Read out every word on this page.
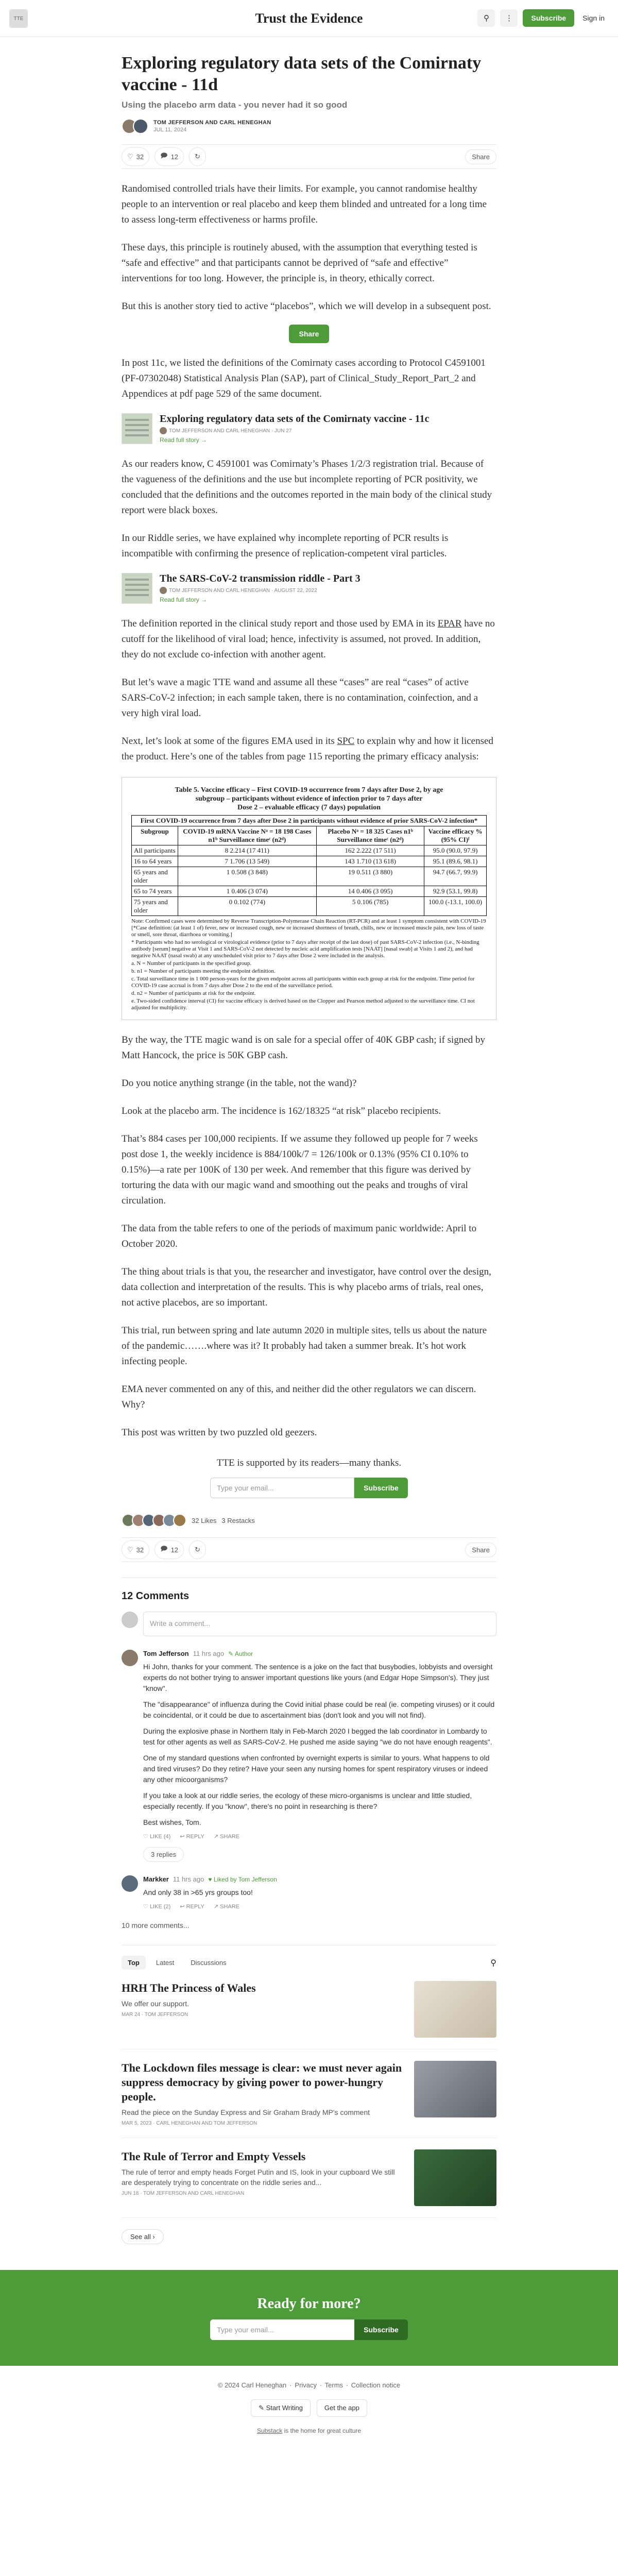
TTE	Trust the Evidence	⚲	⋮	Subscribe	Sign in
Exploring regulatory data sets of the Comirnaty vaccine - 11d
Using the placebo arm data - you never had it so good
TOM JEFFERSON AND CARL HENEGHAN
JUL 11, 2024
♡ 32 🗩 12 ↻	Share

Randomised controlled trials have their limits. For example, you cannot randomise healthy people to an intervention or real placebo and keep them blinded and untreated for a long time to assess long-term effectiveness or harms profile.

These days, this principle is routinely abused, with the assumption that everything tested is “safe and effective” and that participants cannot be deprived of “safe and effective” interventions for too long. However, the principle is, in theory, ethically correct.

But this is another story tied to active “placebos”, which we will develop in a subsequent post.

Share

In post 11c, we listed the definitions of the Comirnaty cases according to Protocol C4591001 (PF-07302048) Statistical Analysis Plan (SAP), part of Clinical_Study_Report_Part_2 and Appendices at pdf page 529 of the same document.

Exploring regulatory data sets of the Comirnaty vaccine - 11c
TOM JEFFERSON AND CARL HENEGHAN · JUN 27
Read full story →

As our readers know, C 4591001 was Comirnaty’s Phases 1/2/3 registration trial. Because of the vagueness of the definitions and the use but incomplete reporting of PCR positivity, we concluded that the definitions and the outcomes reported in the main body of the clinical study report were black boxes.

In our Riddle series, we have explained why incomplete reporting of PCR results is incompatible with confirming the presence of replication-competent viral particles.

The SARS-CoV-2 transmission riddle - Part 3
TOM JEFFERSON AND CARL HENEGHAN · AUGUST 22, 2022
Read full story →

The definition reported in the clinical study report and those used by EMA in its EPAR have no cutoff for the likelihood of viral load; hence, infectivity is assumed, not proved. In addition, they do not exclude co-infection with another agent.

But let’s wave a magic TTE wand and assume all these “cases” are real “cases” of active SARS-CoV-2 infection; in each sample taken, there is no contamination, coinfection, and a very high viral load.

Next, let’s look at some of the figures EMA used in its SPC to explain why and how it licensed the product. Here’s one of the tables from page 115 reporting the primary efficacy analysis:

Table 5. Vaccine efficacy – First COVID-19 occurrence from 7 days after Dose 2, by age
subgroup – participants without evidence of infection prior to 7 days after
Dose 2 – evaluable efficacy (7 days) population
First COVID-19 occurrence from 7 days after Dose 2 in participants without evidence of prior SARS-CoV-2 infection*			
Subgroup	COVID-19 mRNA Vaccine Nᵃ = 18 198 Cases n1ᵇ Surveillance timeᶜ (n2ᵈ)	Placebo Nᵃ = 18 325 Cases n1ᵇ Surveillance timeᶜ (n2ᵈ)	Vaccine efficacy % (95% CI)ᶠ
All participants	8 2.214 (17 411)	162 2.222 (17 511)	95.0 (90.0, 97.9)
16 to 64 years	7 1.706 (13 549)	143 1.710 (13 618)	95.1 (89.6, 98.1)
65 years and older	1 0.508 (3 848)	19 0.511 (3 880)	94.7 (66.7, 99.9)
65 to 74 years	1 0.406 (3 074)	14 0.406 (3 095)	92.9 (53.1, 99.8)
75 years and older	0 0.102 (774)	5 0.106 (785)	100.0 (-13.1, 100.0)

Note: Confirmed cases were determined by Reverse Transcription-Polymerase Chain Reaction (RT-PCR) and at least 1 symptom consistent with COVID-19 [*Case definition: (at least 1 of) fever, new or increased cough, new or increased shortness of breath, chills, new or increased muscle pain, new loss of taste or smell, sore throat, diarrhoea or vomiting.]

* Participants who had no serological or virological evidence (prior to 7 days after receipt of the last dose) of past SARS-CoV-2 infection (i.e., N-binding antibody [serum] negative at Visit 1 and SARS-CoV-2 not detected by nucleic acid amplification tests [NAAT] [nasal swab] at Visits 1 and 2), and had negative NAAT (nasal swab) at any unscheduled visit prior to 7 days after Dose 2 were included in the analysis.

a. N = Number of participants in the specified group.

b. n1 = Number of participants meeting the endpoint definition.

c. Total surveillance time in 1 000 person-years for the given endpoint across all participants within each group at risk for the endpoint. Time period for COVID-19 case accrual is from 7 days after Dose 2 to the end of the surveillance period.

d. n2 = Number of participants at risk for the endpoint.

e. Two-sided confidence interval (CI) for vaccine efficacy is derived based on the Clopper and Pearson method adjusted to the surveillance time. CI not adjusted for multiplicity.

By the way, the TTE magic wand is on sale for a special offer of 40K GBP cash; if signed by Matt Hancock, the price is 50K GBP cash.

Do you notice anything strange (in the table, not the wand)?

Look at the placebo arm. The incidence is 162/18325 “at risk” placebo recipients.

That’s 884 cases per 100,000 recipients. If we assume they followed up people for 7 weeks post dose 1, the weekly incidence is 884/100k/7 = 126/100k or 0.13% (95% CI 0.10% to 0.15%)—a rate per 100K of 130 per week. And remember that this figure was derived by torturing the data with our magic wand and smoothing out the peaks and troughs of viral circulation.

The data from the table refers to one of the periods of maximum panic worldwide: April to October 2020.

The thing about trials is that you, the researcher and investigator, have control over the design, data collection and interpretation of the results. This is why placebo arms of trials, real ones, not active placebos, are so important.

This trial, run between spring and late autumn 2020 in multiple sites, tells us about the nature of the pandemic…….where was it? It probably had taken a summer break. It’s hot work infecting people.

EMA never commented on any of this, and neither did the other regulators we can discern. Why?

This post was written by two puzzled old geezers.

TTE is supported by its readers—many thanks.
Type your email...	Subscribe
32 Likes 3 Restacks
♡ 32 🗩 12 ↻	Share
12 Comments
Write a comment...
Tom Jefferson 11 hrs ago ✎ Author

Hi John, thanks for your comment. The sentence is a joke on the fact that busybodies, lobbyists and oversight experts do not bother trying to answer important questions like yours (and Edgar Hope Simpson's). They just "know".

The "disappearance" of influenza during the Covid initial phase could be real (ie. competing viruses) or it could be coincidental, or it could be due to ascertainment bias (don't look and you will not find).

During the explosive phase in Northern Italy in Feb-March 2020 I begged the lab coordinator in Lombardy to test for other agents as well as SARS-CoV-2. He pushed me aside saying "we do not have enough reagents".

One of my standard questions when confronted by overnight experts is similar to yours. What happens to old and tired viruses? Do they retire? Have your seen any nursing homes for spent respiratory viruses or indeed any other micoorganisms?

If you take a look at our riddle series, the ecology of these micro-organisms is unclear and little studied, especially recently. If you "know", there's no point in researching is there?

Best wishes, Tom.

♡ LIKE (4) ↩ REPLY ↗ SHARE
3 replies
Markker 11 hrs ago ♥ Liked by Tom Jefferson

And only 38 in >65 yrs groups too!

♡ LIKE (2) ↩ REPLY ↗ SHARE
10 more comments...
Top	Latest	Discussions	⚲
HRH The Princess of Wales
We offer our support.
MAR 24 · TOM JEFFERSON
The Lockdown files message is clear: we must never again suppress democracy by giving power to power-hungry people.
Read the piece on the Sunday Express and Sir Graham Brady MP's comment
MAR 5, 2023 · CARL HENEGHAN AND TOM JEFFERSON
The Rule of Terror and Empty Vessels
The rule of terror and empty heads Forget Putin and IS, look in your cupboard We still are desperately trying to concentrate on the riddle series and...
JUN 18 · TOM JEFFERSON AND CARL HENEGHAN
See all ›
Ready for more?
Type your email...	Subscribe
© 2024 Carl Heneghan · Privacy ∙ Terms ∙ Collection notice
✎ Start Writing	Get the app
Substack is the home for great culture
